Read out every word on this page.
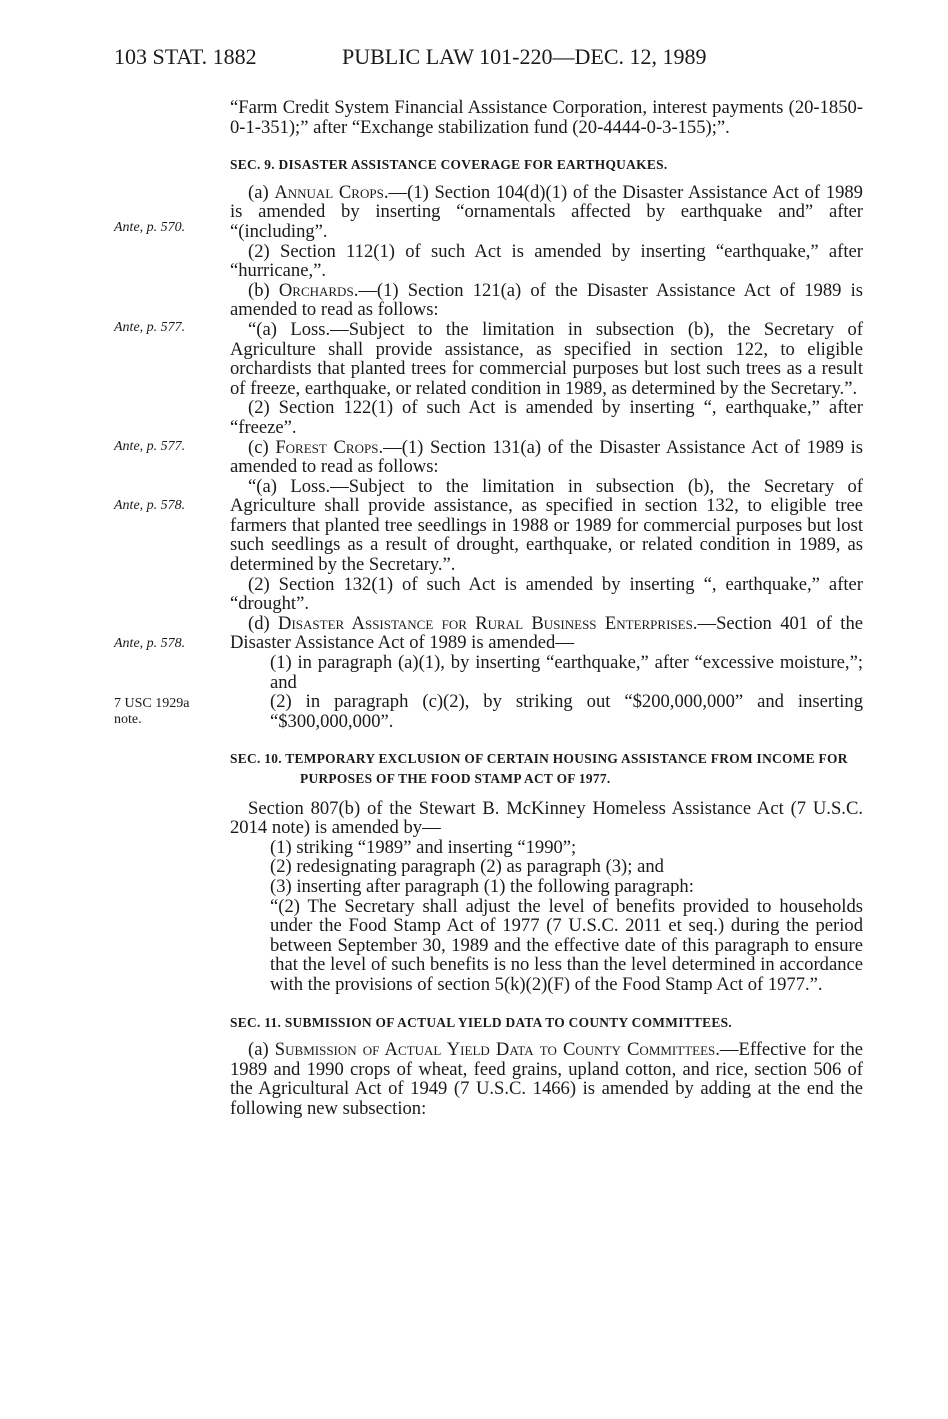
103 STAT. 1882	PUBLIC LAW 101-220—DEC. 12, 1989
Ante, p. 570.
Ante, p. 577.
Ante, p. 577.
Ante, p. 578.
Ante, p. 578.
7 USC 1929a
note.

“Farm Credit System Financial Assistance Corporation, interest payments (20-1850-0-1-351);” after “Exchange stabilization fund (20-4444-0-3-155);”.

SEC. 9. DISASTER ASSISTANCE COVERAGE FOR EARTHQUAKES.

(a) Annual Crops.—(1) Section 104(d)(1) of the Disaster Assistance Act of 1989 is amended by inserting “ornamentals affected by earthquake and” after “(including”.

(2) Section 112(1) of such Act is amended by inserting “earthquake,” after “hurricane,”.

(b) Orchards.—(1) Section 121(a) of the Disaster Assistance Act of 1989 is amended to read as follows:

“(a) Loss.—Subject to the limitation in subsection (b), the Secretary of Agriculture shall provide assistance, as specified in section 122, to eligible orchardists that planted trees for commercial purposes but lost such trees as a result of freeze, earthquake, or related condition in 1989, as determined by the Secretary.”.

(2) Section 122(1) of such Act is amended by inserting “, earthquake,” after “freeze”.

(c) Forest Crops.—(1) Section 131(a) of the Disaster Assistance Act of 1989 is amended to read as follows:

“(a) Loss.—Subject to the limitation in subsection (b), the Secretary of Agriculture shall provide assistance, as specified in section 132, to eligible tree farmers that planted tree seedlings in 1988 or 1989 for commercial purposes but lost such seedlings as a result of drought, earthquake, or related condition in 1989, as determined by the Secretary.”.

(2) Section 132(1) of such Act is amended by inserting “, earthquake,” after “drought”.

(d) Disaster Assistance for Rural Business Enterprises.—Section 401 of the Disaster Assistance Act of 1989 is amended—

(1) in paragraph (a)(1), by inserting “earthquake,” after “excessive moisture,”; and

(2) in paragraph (c)(2), by striking out “$200,000,000” and inserting “$300,000,000”.

SEC. 10. TEMPORARY EXCLUSION OF CERTAIN HOUSING ASSISTANCE FROM INCOME FOR PURPOSES OF THE FOOD STAMP ACT OF 1977.

Section 807(b) of the Stewart B. McKinney Homeless Assistance Act (7 U.S.C. 2014 note) is amended by—

(1) striking “1989” and inserting “1990”;

(2) redesignating paragraph (2) as paragraph (3); and

(3) inserting after paragraph (1) the following paragraph:

“(2) The Secretary shall adjust the level of benefits provided to households under the Food Stamp Act of 1977 (7 U.S.C. 2011 et seq.) during the period between September 30, 1989 and the effective date of this paragraph to ensure that the level of such benefits is no less than the level determined in accordance with the provisions of section 5(k)(2)(F) of the Food Stamp Act of 1977.”.

SEC. 11. SUBMISSION OF ACTUAL YIELD DATA TO COUNTY COMMITTEES.

(a) Submission of Actual Yield Data to County Committees.—Effective for the 1989 and 1990 crops of wheat, feed grains, upland cotton, and rice, section 506 of the Agricultural Act of 1949 (7 U.S.C. 1466) is amended by adding at the end the following new subsection:
